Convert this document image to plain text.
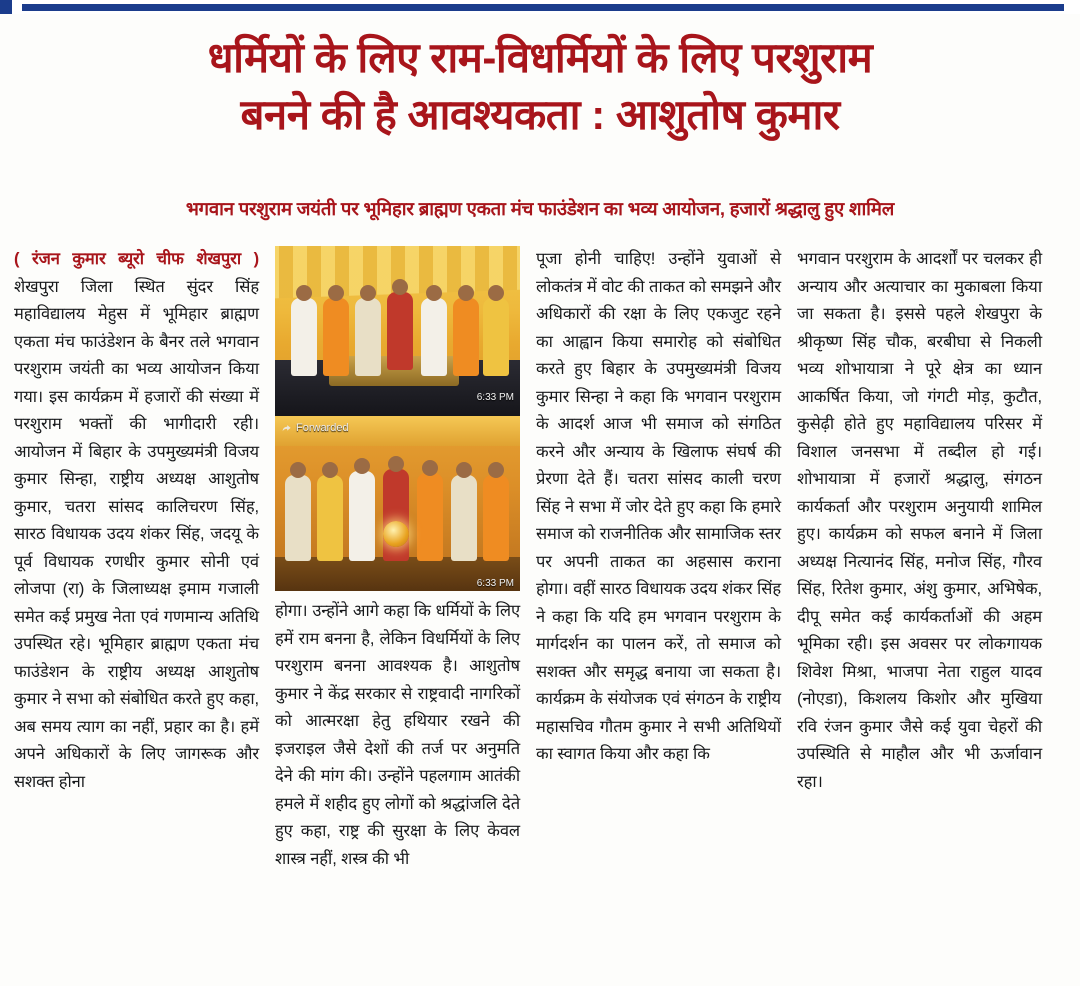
धर्मियों के लिए राम-विधर्मियों के लिए परशुराम
बनने की है आवश्यकता : आशुतोष कुमार
भगवान परशुराम जयंती पर भूमिहार ब्राह्मण एकता मंच फाउंडेशन का भव्य आयोजन, हजारों श्रद्धालु हुए शामिल

( रंजन कुमार ब्यूरो चीफ शेखपुरा ) शेखपुरा जिला स्थित सुंदर सिंह महाविद्यालय मेहुस में भूमिहार ब्राह्मण एकता मंच फाउंडेशन के बैनर तले भगवान परशुराम जयंती का भव्य आयोजन किया गया। इस कार्यक्रम में हजारों की संख्या में परशुराम भक्तों की भागीदारी रही। आयोजन में बिहार के उपमुख्यमंत्री विजय कुमार सिन्हा, राष्ट्रीय अध्यक्ष आशुतोष कुमार, चतरा सांसद कालिचरण सिंह, सारठ विधायक उदय शंकर सिंह, जदयू के पूर्व विधायक रणधीर कुमार सोनी एवं लोजपा (रा) के जिलाध्यक्ष इमाम गजाली समेत कई प्रमुख नेता एवं गणमान्य अतिथि उपस्थित रहे। भूमिहार ब्राह्मण एकता मंच फाउंडेशन के राष्ट्रीय अध्यक्ष आशुतोष कुमार ने सभा को संबोधित करते हुए कहा, अब समय त्याग का नहीं, प्रहार का है। हमें अपने अधिकारों के लिए जागरूक और सशक्त होना

6:33 PM
Forwarded
6:33 PM

होगा। उन्होंने आगे कहा कि धर्मियों के लिए हमें राम बनना है, लेकिन विधर्मियों के लिए परशुराम बनना आवश्यक है। आशुतोष कुमार ने केंद्र सरकार से राष्ट्रवादी नागरिकों को आत्मरक्षा हेतु हथियार रखने की इजराइल जैसे देशों की तर्ज पर अनुमति देने की मांग की। उन्होंने पहलगाम आतंकी हमले में शहीद हुए लोगों को श्रद्धांजलि देते हुए कहा, राष्ट्र की सुरक्षा के लिए केवल शास्त्र नहीं, शस्त्र की भी

पूजा होनी चाहिए! उन्होंने युवाओं से लोकतंत्र में वोट की ताकत को समझने और अधिकारों की रक्षा के लिए एकजुट रहने का आह्वान किया समारोह को संबोधित करते हुए बिहार के उपमुख्यमंत्री विजय कुमार सिन्हा ने कहा कि भगवान परशुराम के आदर्श आज भी समाज को संगठित करने और अन्याय के खिलाफ संघर्ष की प्रेरणा देते हैं। चतरा सांसद काली चरण सिंह ने सभा में जोर देते हुए कहा कि हमारे समाज को राजनीतिक और सामाजिक स्तर पर अपनी ताकत का अहसास कराना होगा। वहीं सारठ विधायक उदय शंकर सिंह ने कहा कि यदि हम भगवान परशुराम के मार्गदर्शन का पालन करें, तो समाज को सशक्त और समृद्ध बनाया जा सकता है। कार्यक्रम के संयोजक एवं संगठन के राष्ट्रीय महासचिव गौतम कुमार ने सभी अतिथियों का स्वागत किया और कहा कि

भगवान परशुराम के आदर्शों पर चलकर ही अन्याय और अत्याचार का मुकाबला किया जा सकता है। इससे पहले शेखपुरा के श्रीकृष्ण सिंह चौक, बरबीघा से निकली भव्य शोभायात्रा ने पूरे क्षेत्र का ध्यान आकर्षित किया, जो गंगटी मोड़, कुटौत, कुसेढ़ी होते हुए महाविद्यालय परिसर में विशाल जनसभा में तब्दील हो गई। शोभायात्रा में हजारों श्रद्धालु, संगठन कार्यकर्ता और परशुराम अनुयायी शामिल हुए। कार्यक्रम को सफल बनाने में जिला अध्यक्ष नित्यानंद सिंह, मनोज सिंह, गौरव सिंह, रितेश कुमार, अंशु कुमार, अभिषेक, दीपू समेत कई कार्यकर्ताओं की अहम भूमिका रही। इस अवसर पर लोकगायक शिवेश मिश्रा, भाजपा नेता राहुल यादव (नोएडा), किशलय किशोर और मुखिया रवि रंजन कुमार जैसे कई युवा चेहरों की उपस्थिति से माहौल और भी ऊर्जावान रहा।
